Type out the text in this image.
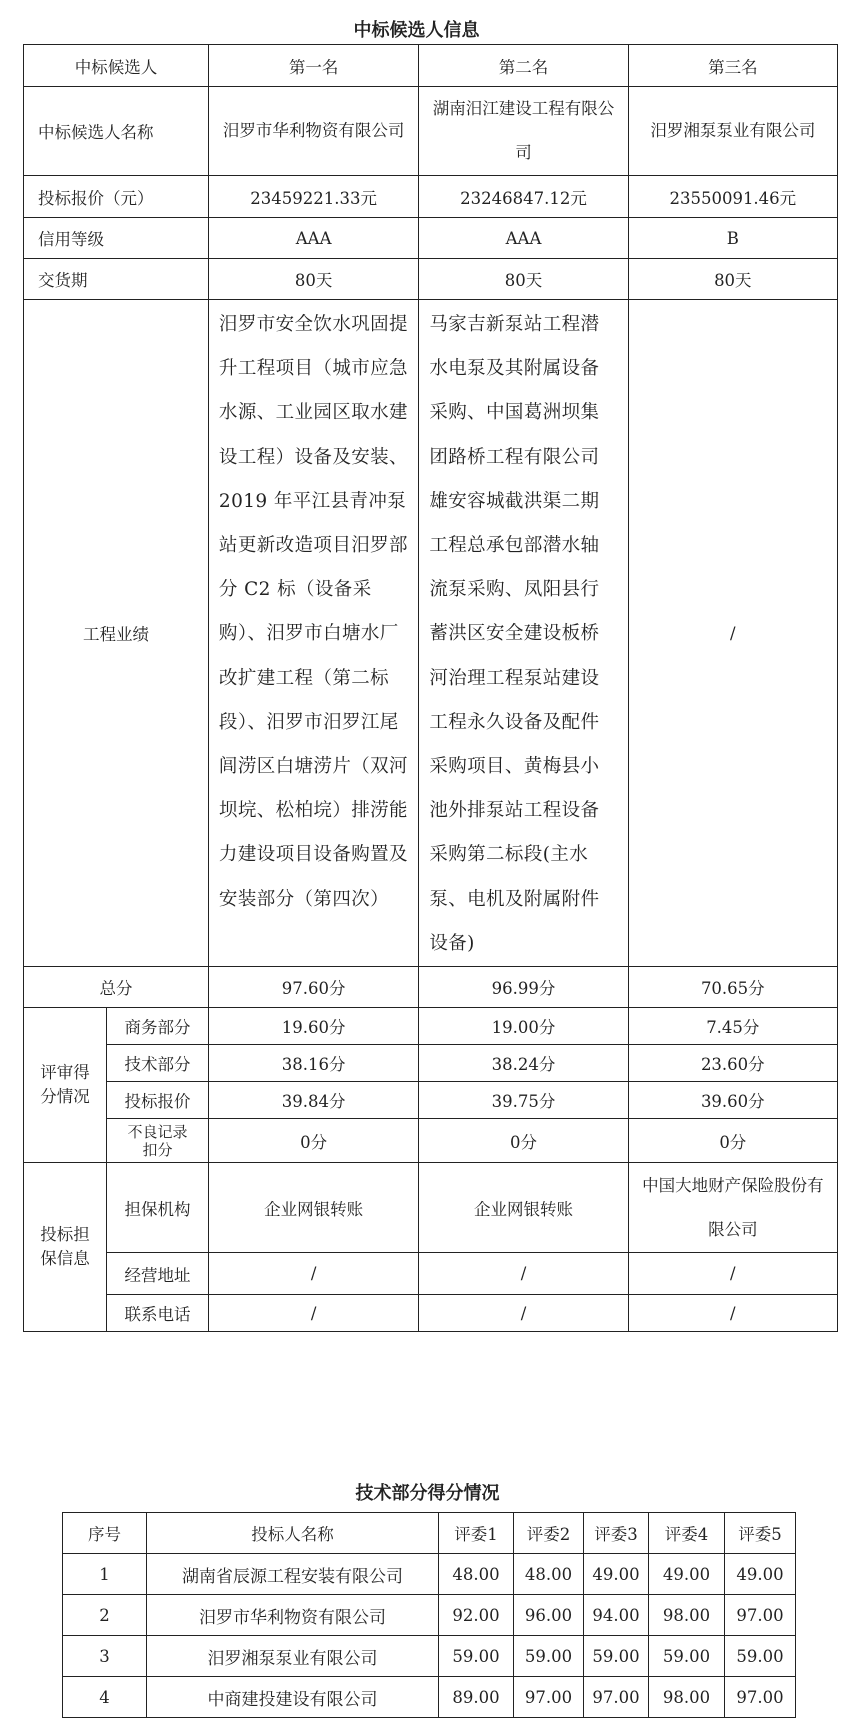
中标候选人信息
中标候选人		第一名	第二名	第三名
中标候选人名称		汨罗市华利物资有限公司	湖南汨江建设工程有限公司	汨罗湘泵泵业有限公司
投标报价（元）		23459221.33元	23246847.12元	23550091.46元
信用等级		AAA	AAA	B
交货期		80天	80天	80天
工程业绩		汨罗市安全饮水巩固提升工程项目（城市应急水源、工业园区取水建设工程）设备及安装、2019 年平江县青冲泵站更新改造项目汨罗部分 C2 标（设备采购）、汨罗市白塘水厂改扩建工程（第二标段）、汨罗市汨罗江尾闾涝区白塘涝片（双河坝垸、松柏垸）排涝能力建设项目设备购置及安装部分（第四次）	马家吉新泵站工程潜水电泵及其附属设备采购、中国葛洲坝集团路桥工程有限公司雄安容城截洪渠二期工程总承包部潜水轴流泵采购、凤阳县行蓄洪区安全建设板桥河治理工程泵站建设工程永久设备及配件采购项目、黄梅县小池外排泵站工程设备采购第二标段(主水泵、电机及附属附件设备)	/
总分		97.60分	96.99分	70.65分
评审得分情况	商务部分	19.60分	19.00分	7.45分
	技术部分	38.16分	38.24分	23.60分
	投标报价	39.84分	39.75分	39.60分
	不良记录扣分	0分	0分	0分
投标担保信息	担保机构	企业网银转账	企业网银转账	中国大地财产保险股份有限公司
	经营地址	/	/	/
	联系电话	/	/	/
技术部分得分情况
序号	投标人名称	评委1	评委2	评委3	评委4	评委5
1	湖南省辰源工程安装有限公司	48.00	48.00	49.00	49.00	49.00
2	汨罗市华利物资有限公司	92.00	96.00	94.00	98.00	97.00
3	汨罗湘泵泵业有限公司	59.00	59.00	59.00	59.00	59.00
4	中商建投建设有限公司	89.00	97.00	97.00	98.00	97.00
